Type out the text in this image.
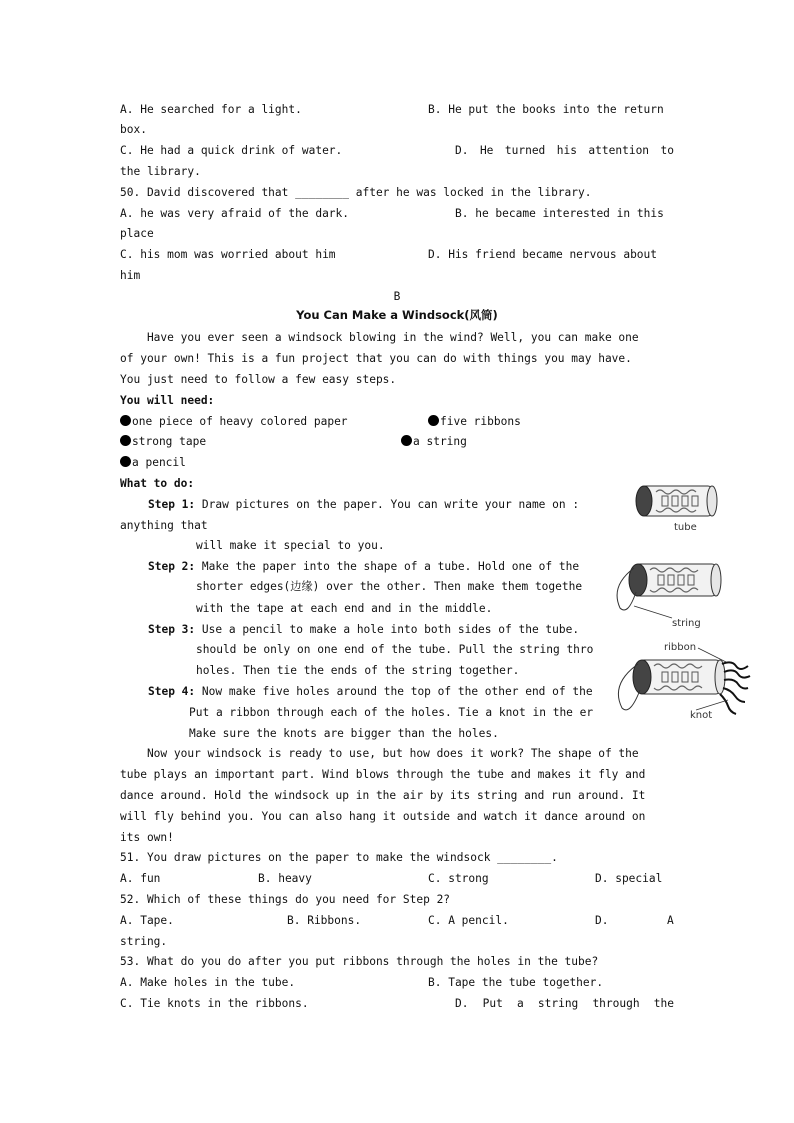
A. He searched for a light.	B. He put the books into the return
box.
C. He had a quick drink of water.	D. He turned his attention to
the library.
50. David discovered that ________ after he was locked in the library.
A. he was very afraid of the dark.	B. he became interested in this
place
C. his mom was worried about him	D. His friend became nervous about
him
B
You Can Make a Windsock(风筒)
Have you ever seen a windsock blowing in the wind? Well, you can make one
of your own! This is a fun project that you can do with things you may have.
You just need to follow a few easy steps.
You will need:
one piece of heavy colored paper	five ribbons
strong tape	a string
a pencil
What to do:
Step 1: Draw pictures on the paper. You can write your name on :
anything that
will make it special to you.
Step 2: Make the paper into the shape of a tube. Hold one of the
shorter edges(边缘) over the other. Then make them togethe
with the tape at each end and in the middle.
Step 3: Use a pencil to make a hole into both sides of the tube.
should be only on one end of the tube. Pull the string thro
holes. Then tie the ends of the string together.
Step 4: Now make five holes around the top of the other end of the
Put a ribbon through each of the holes. Tie a knot in the er
Make sure the knots are bigger than the holes.
tube
string
ribbon
knot
Now your windsock is ready to use, but how does it work? The shape of the
tube plays an important part. Wind blows through the tube and makes it fly and
dance around. Hold the windsock up in the air by its string and run around. It
will fly behind you. You can also hang it outside and watch it dance around on
its own!
51. You draw pictures on the paper to make the windsock ________.
A. fun	B. heavy	C. strong	D. special
52. Which of these things do you need for Step 2?
A. Tape.	B. Ribbons.	C. A pencil.	D.	A
string.
53. What do you do after you put ribbons through the holes in the tube?
A. Make holes in the tube.	B. Tape the tube together.
C. Tie knots in the ribbons.	D. Put a string through the
